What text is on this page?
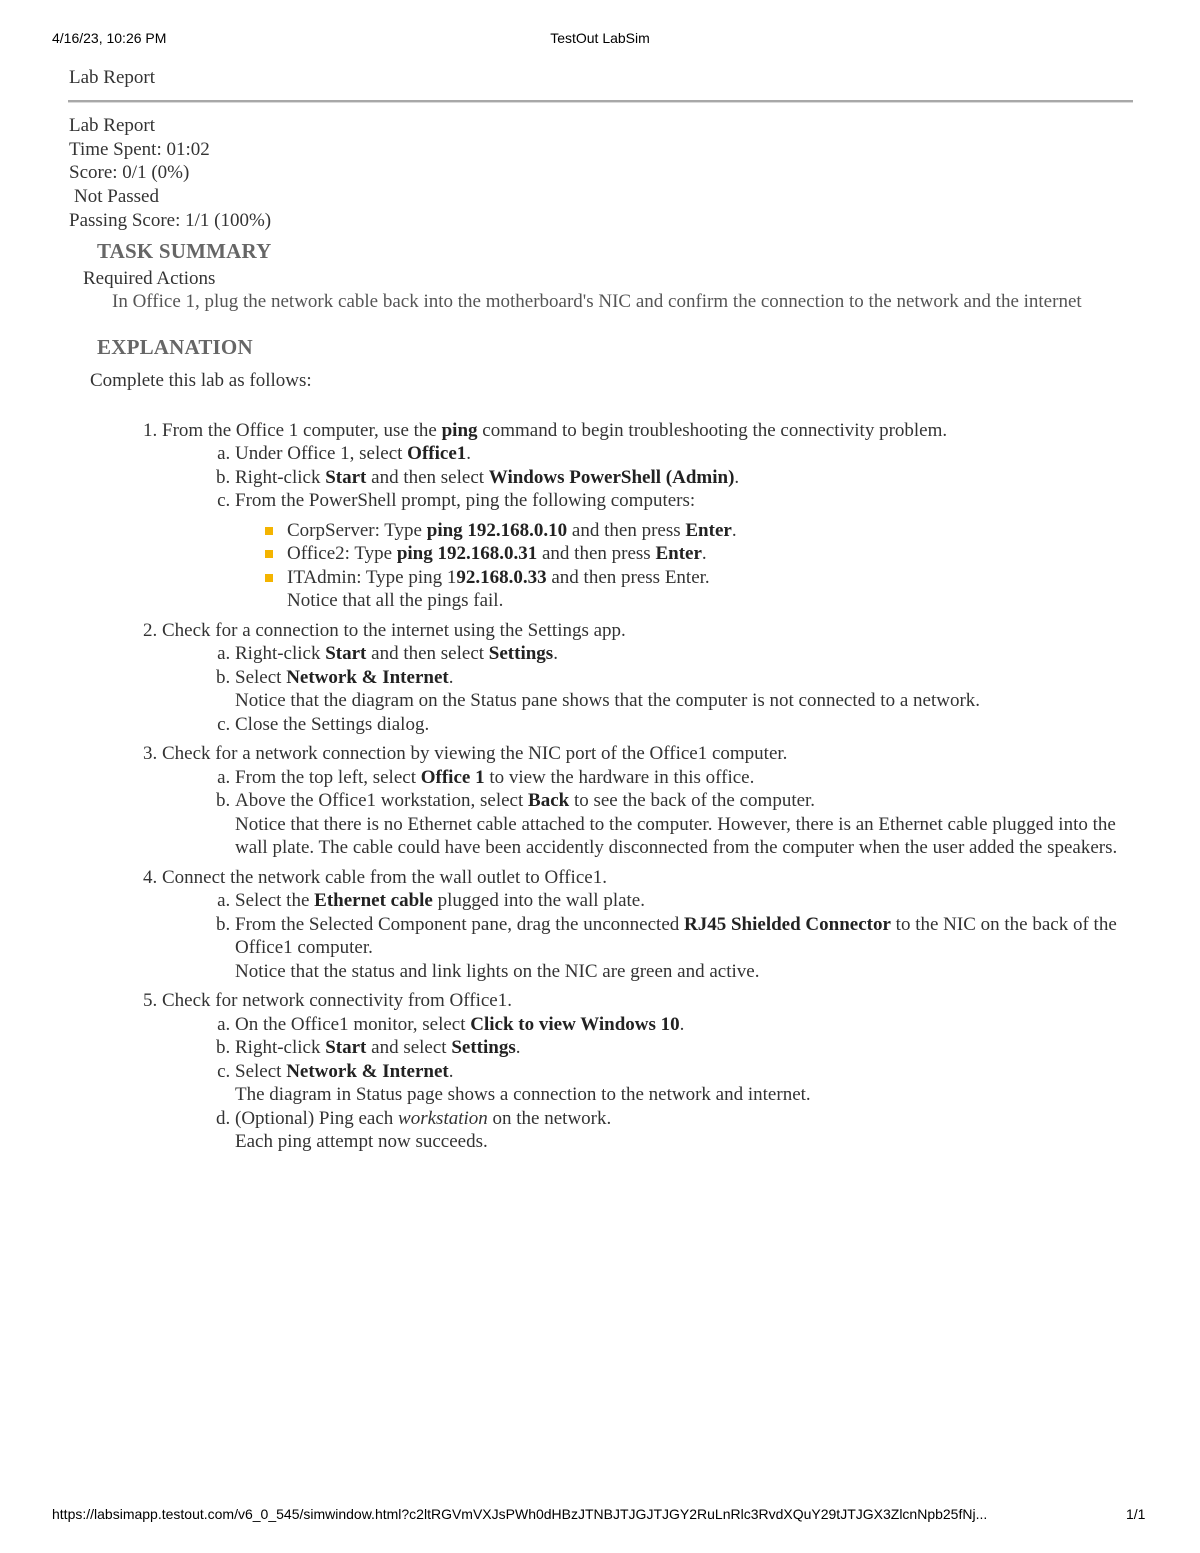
4/16/23, 10:26 PM	TestOut LabSim
Lab Report
Lab Report
Time Spent: 01:02
Score: 0/1 (0%)
Not Passed
Passing Score: 1/1 (100%)
TASK SUMMARY
Required Actions
In Office 1, plug the network cable back into the motherboard's NIC and confirm the connection to the network and the internet
EXPLANATION
Complete this lab as follows:
1. From the Office 1 computer, use the ping command to begin troubleshooting the connectivity problem.
a. Under Office 1, select Office1.
b. Right-click Start and then select Windows PowerShell (Admin).
c. From the PowerShell prompt, ping the following computers:
CorpServer: Type ping 192.168.0.10 and then press Enter.
Office2: Type ping 192.168.0.31 and then press Enter.
ITAdmin: Type ping 192.168.0.33 and then press Enter.
Notice that all the pings fail.
2. Check for a connection to the internet using the Settings app.
a. Right-click Start and then select Settings.
b. Select Network & Internet.
Notice that the diagram on the Status pane shows that the computer is not connected to a network.
c. Close the Settings dialog.
3. Check for a network connection by viewing the NIC port of the Office1 computer.
a. From the top left, select Office 1 to view the hardware in this office.
b. Above the Office1 workstation, select Back to see the back of the computer.
Notice that there is no Ethernet cable attached to the computer. However, there is an Ethernet cable plugged into the wall plate. The cable could have been accidently disconnected from the computer when the user added the speakers.
4. Connect the network cable from the wall outlet to Office1.
a. Select the Ethernet cable plugged into the wall plate.
b. From the Selected Component pane, drag the unconnected RJ45 Shielded Connector to the NIC on the back of the Office1 computer.
Notice that the status and link lights on the NIC are green and active.
5. Check for network connectivity from Office1.
a. On the Office1 monitor, select Click to view Windows 10.
b. Right-click Start and select Settings.
c. Select Network & Internet.
The diagram in Status page shows a connection to the network and internet.
d. (Optional) Ping each workstation on the network.
Each ping attempt now succeeds.
https://labsimapp.testout.com/v6_0_545/simwindow.html?c2ltRGVmVXJsPWh0dHBzJTNBJTJGJTJGY2RuLnRlc3RvdXQuY29tJTJGX3ZlcnNpb25fNj...	1/1
